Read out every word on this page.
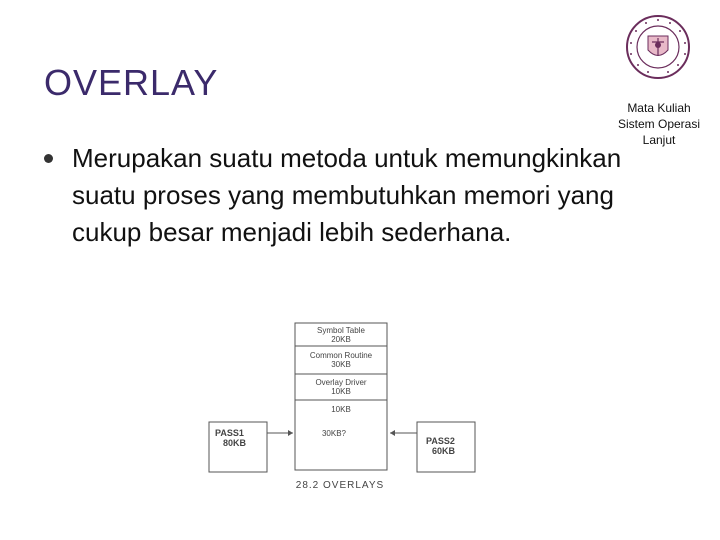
OVERLAY
Merupakan suatu metoda untuk memungkinkan suatu proses yang membutuhkan memori yang cukup besar menjadi lebih sederhana.
Mata Kuliah
Sistem Operasi
Lanjut
Symbol Table
20KB
Common Routine
30KB
Overlay Driver
10KB
10KB
30KB?
PASS1
80KB	PASS2
60KB
28.2 OVERLAYS
